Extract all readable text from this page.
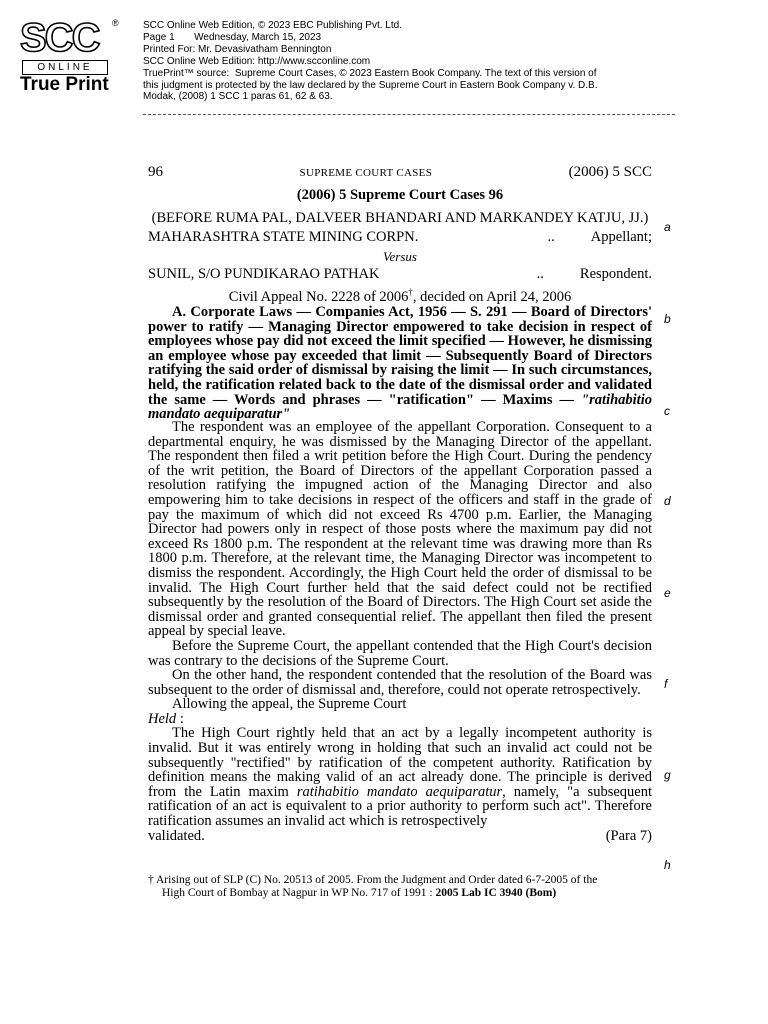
SCC ®
ONLINE
True Print
SCC Online Web Edition, © 2023 EBC Publishing Pvt. Ltd.
Page 1       Wednesday, March 15, 2023
Printed For: Mr. Devasivatham Bennington
SCC Online Web Edition: http://www.scconline.com
TruePrint™ source:  Supreme Court Cases, © 2023 Eastern Book Company. The text of this version of
this judgment is protected by the law declared by the Supreme Court in Eastern Book Company v. D.B.
Modak, (2008) 1 SCC 1 paras 61, 62 & 63.
96	SUPREME COURT CASES	(2006) 5 SCC
(2006) 5 Supreme Court Cases 96
(BEFORE RUMA PAL, DALVEER BHANDARI AND MARKANDEY KATJU, JJ.)
MAHARASHTRA STATE MINING CORPN.	.. Appellant;
Versus
SUNIL, S/O PUNDIKARAO PATHAK	.. Respondent.
Civil Appeal No. 2228 of 2006†, decided on April 24, 2006

A. Corporate Laws — Companies Act, 1956 — S. 291 — Board of Directors' power to ratify — Managing Director empowered to take decision in respect of employees whose pay did not exceed the limit specified — However, he dismissing an employee whose pay exceeded that limit — Subsequently Board of Directors ratifying the said order of dismissal by raising the limit — In such circumstances, held, the ratification related back to the date of the dismissal order and validated the same — Words and phrases — "ratification" — Maxims — "ratihabitio mandato aequiparatur"

The respondent was an employee of the appellant Corporation. Consequent to a departmental enquiry, he was dismissed by the Managing Director of the appellant. The respondent then filed a writ petition before the High Court. During the pendency of the writ petition, the Board of Directors of the appellant Corporation passed a resolution ratifying the impugned action of the Managing Director and also empowering him to take decisions in respect of the officers and staff in the grade of pay the maximum of which did not exceed Rs 4700 p.m. Earlier, the Managing Director had powers only in respect of those posts where the maximum pay did not exceed Rs 1800 p.m. The respondent at the relevant time was drawing more than Rs 1800 p.m. Therefore, at the relevant time, the Managing Director was incompetent to dismiss the respondent. Accordingly, the High Court held the order of dismissal to be invalid. The High Court further held that the said defect could not be rectified subsequently by the resolution of the Board of Directors. The High Court set aside the dismissal order and granted consequential relief. The appellant then filed the present appeal by special leave.

Before the Supreme Court, the appellant contended that the High Court's decision was contrary to the decisions of the Supreme Court.

On the other hand, the respondent contended that the resolution of the Board was subsequent to the order of dismissal and, therefore, could not operate retrospectively.

Allowing the appeal, the Supreme Court

Held :

The High Court rightly held that an act by a legally incompetent authority is invalid. But it was entirely wrong in holding that such an invalid act could not be subsequently "rectified" by ratification of the competent authority. Ratification by definition means the making valid of an act already done. The principle is derived from the Latin maxim ratihabitio mandato aequiparatur, namely, "a subsequent ratification of an act is equivalent to a prior authority to perform such act". Therefore ratification assumes an invalid act which is retrospectively

validated.	(Para 7)
† Arising out of SLP (C) No. 20513 of 2005. From the Judgment and Order dated 6-7-2005 of the
High Court of Bombay at Nagpur in WP No. 717 of 1991 : 2005 Lab IC 3940 (Bom)
a
b
c
d
e
f
g
h
